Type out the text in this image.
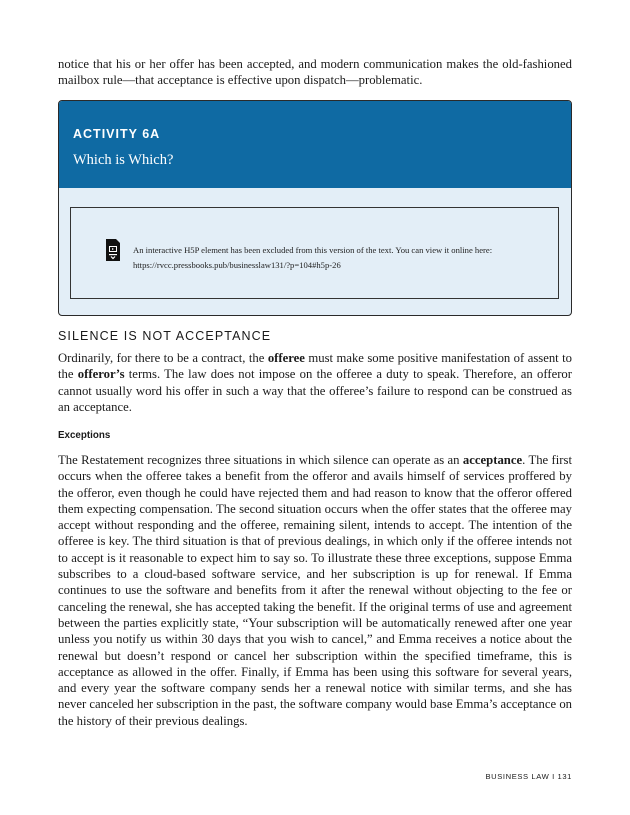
notice that his or her offer has been accepted, and modern communication makes the old-fashioned mailbox rule—that acceptance is effective upon dispatch—problematic.

ACTIVITY 6A
Which is Which?
An interactive H5P element has been excluded from this version of the text. You can view it online here:
https://rvcc.pressbooks.pub/businesslaw131/?p=104#h5p-26
SILENCE IS NOT ACCEPTANCE

Ordinarily, for there to be a contract, the offeree must make some positive manifestation of assent to the offeror’s terms. The law does not impose on the offeree a duty to speak. Therefore, an offeror cannot usually word his offer in such a way that the offeree’s failure to respond can be construed as an acceptance.

Exceptions

The Restatement recognizes three situations in which silence can operate as an acceptance. The first occurs when the offeree takes a benefit from the offeror and avails himself of services proffered by the offeror, even though he could have rejected them and had reason to know that the offeror offered them expecting compensation. The second situation occurs when the offer states that the offeree may accept without responding and the offeree, remaining silent, intends to accept. The intention of the offeree is key. The third situation is that of previous dealings, in which only if the offeree intends not to accept is it reasonable to expect him to say so. To illustrate these three exceptions, suppose Emma subscribes to a cloud-based software service, and her subscription is up for renewal. If Emma continues to use the software and benefits from it after the renewal without objecting to the fee or canceling the renewal, she has accepted taking the benefit. If the original terms of use and agreement between the parties explicitly state, “Your subscription will be automatically renewed after one year unless you notify us within 30 days that you wish to cancel,” and Emma receives a notice about the renewal but doesn’t respond or cancel her subscription within the specified timeframe, this is acceptance as allowed in the offer. Finally, if Emma has been using this software for several years, and every year the software company sends her a renewal notice with similar terms, and she has never canceled her subscription in the past, the software company would base Emma’s acceptance on the history of their previous dealings.

BUSINESS LAW I 131
